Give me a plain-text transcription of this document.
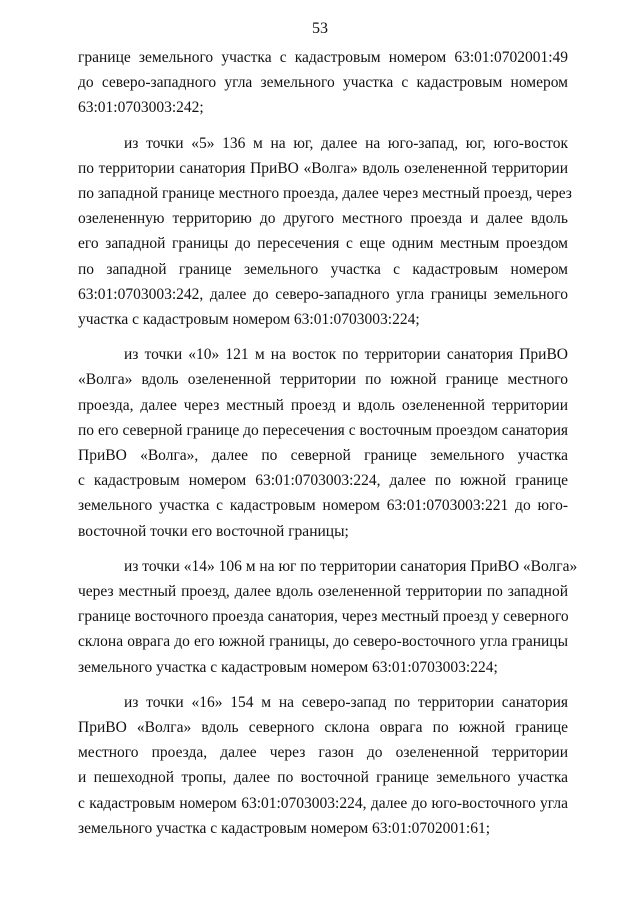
53

границе земельного участка с кадастровым номером 63:01:0702001:49
до северо-западного угла земельного участка с кадастровым номером
63:01:0703003:242;

из точки «5» 136 м на юг, далее на юго-запад, юг, юго-восток
по территории санатория ПриВО «Волга» вдоль озелененной территории
по западной границе местного проезда, далее через местный проезд, через
озелененную территорию до другого местного проезда и далее вдоль
его западной границы до пересечения с еще одним местным проездом
по западной границе земельного участка с кадастровым номером
63:01:0703003:242, далее до северо-западного угла границы земельного
участка с кадастровым номером 63:01:0703003:224;

из точки «10» 121 м на восток по территории санатория ПриВО
«Волга» вдоль озелененной территории по южной границе местного
проезда, далее через местный проезд и вдоль озелененной территории
по его северной границе до пересечения с восточным проездом санатория
ПриВО «Волга», далее по северной границе земельного участка
с кадастровым номером 63:01:0703003:224, далее по южной границе
земельного участка с кадастровым номером 63:01:0703003:221 до юго-
восточной точки его восточной границы;

из точки «14» 106 м на юг по территории санатория ПриВО «Волга»
через местный проезд, далее вдоль озелененной территории по западной
границе восточного проезда санатория, через местный проезд у северного
склона оврага до его южной границы, до северо-восточного угла границы
земельного участка с кадастровым номером 63:01:0703003:224;

из точки «16» 154 м на северо-запад по территории санатория
ПриВО «Волга» вдоль северного склона оврага по южной границе
местного проезда, далее через газон до озелененной территории
и пешеходной тропы, далее по восточной границе земельного участка
с кадастровым номером 63:01:0703003:224, далее до юго-восточного угла
земельного участка с кадастровым номером 63:01:0702001:61;
